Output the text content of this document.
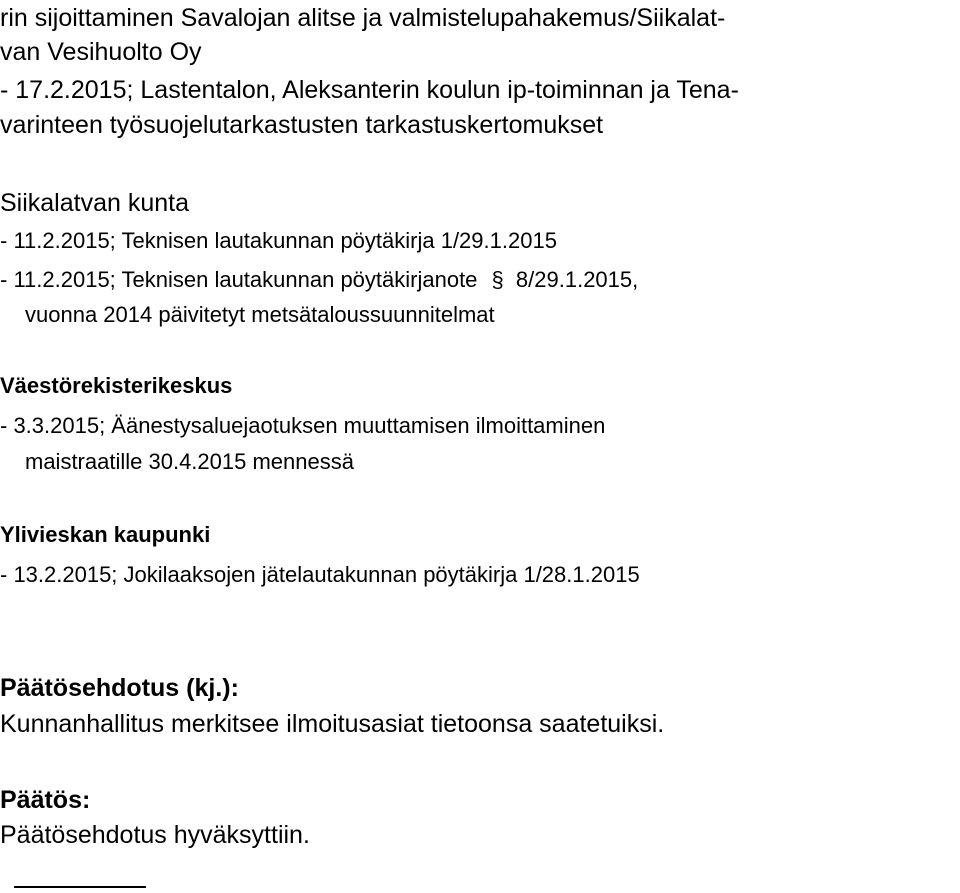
rin sijoittaminen Savalojan alitse ja valmistelupahakemus/Siikalat-
van Vesihuolto Oy
- 17.2.2015; Lastentalon, Aleksanterin koulun ip-toiminnan ja Tena-
varinteen työsuojelutarkastusten tarkastuskertomukset
Siikalatvan kunta
- 11.2.2015; Teknisen lautakunnan pöytäkirja 1/29.1.2015
- 11.2.2015; Teknisen lautakunnan pöytäkirjanote § 8/29.1.2015,
vuonna 2014 päivitetyt metsätaloussuunnitelmat
Väestörekisterikeskus
- 3.3.2015; Äänestysaluejaotuksen muuttamisen ilmoittaminen
maistraatille 30.4.2015 mennessä
Ylivieskan kaupunki
- 13.2.2015; Jokilaaksojen jätelautakunnan pöytäkirja 1/28.1.2015
Päätösehdotus (kj.):
Kunnanhallitus merkitsee ilmoitusasiat tietoonsa saatetuiksi.
Päätös:
Päätösehdotus hyväksyttiin.
